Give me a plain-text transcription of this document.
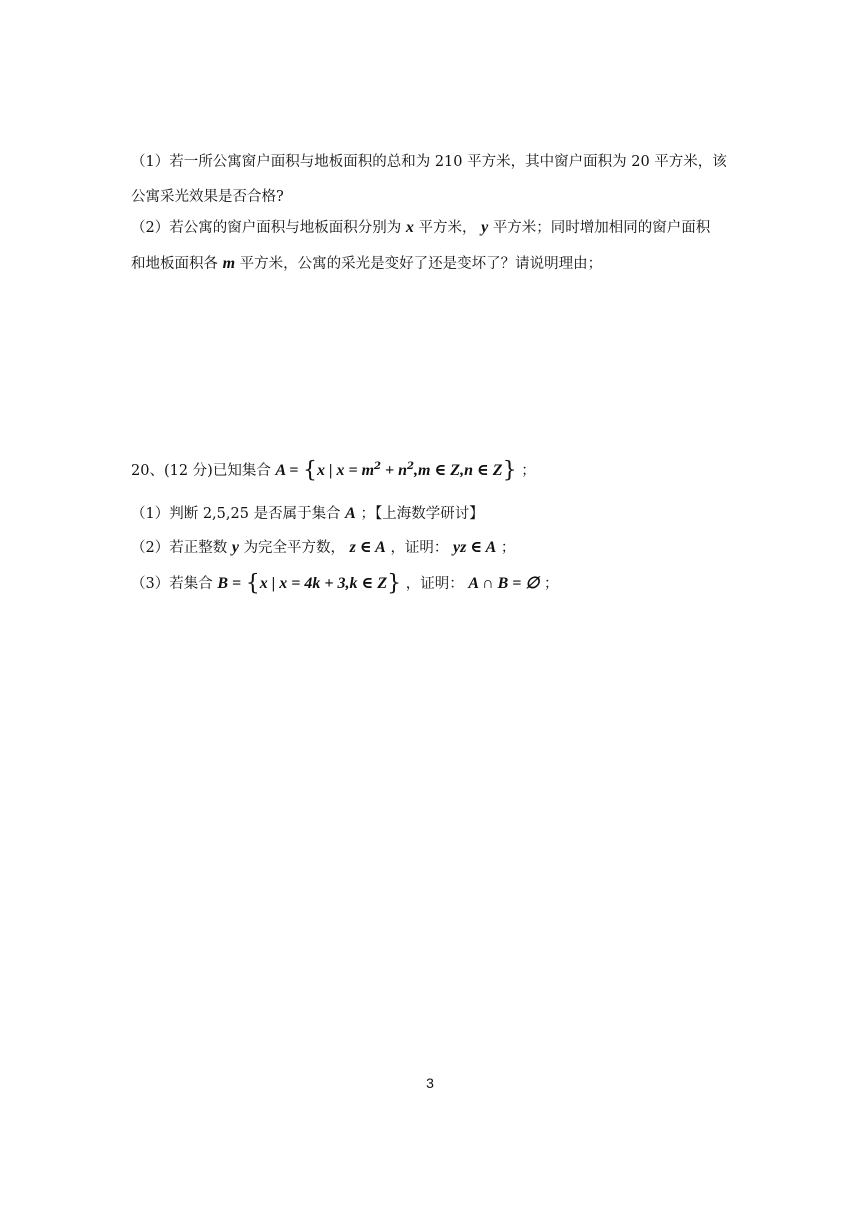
（1）若一所公寓窗户面积与地板面积的总和为 210 平方米，其中窗户面积为 20 平方米，该
公寓采光效果是否合格?
（2）若公寓的窗户面积与地板面积分别为 x 平方米， y 平方米；同时增加相同的窗户面积
和地板面积各 m 平方米，公寓的采光是变好了还是变坏了？请说明理由；
20、(12 分)已知集合 A = {x | $x = m^2 + n^2,m$ ∈ Z,n ∈ Z} ；
（1）判断 2,5,25 是否属于集合 A ；【上海数学研讨】
（2）若正整数 y 为完全平方数， z ∈ A ，证明： yz ∈ A ；
（3）若集合 B = {x | x = 4k + 3,k ∈ Z} ，证明： A ∩ B = ∅ ；
3
